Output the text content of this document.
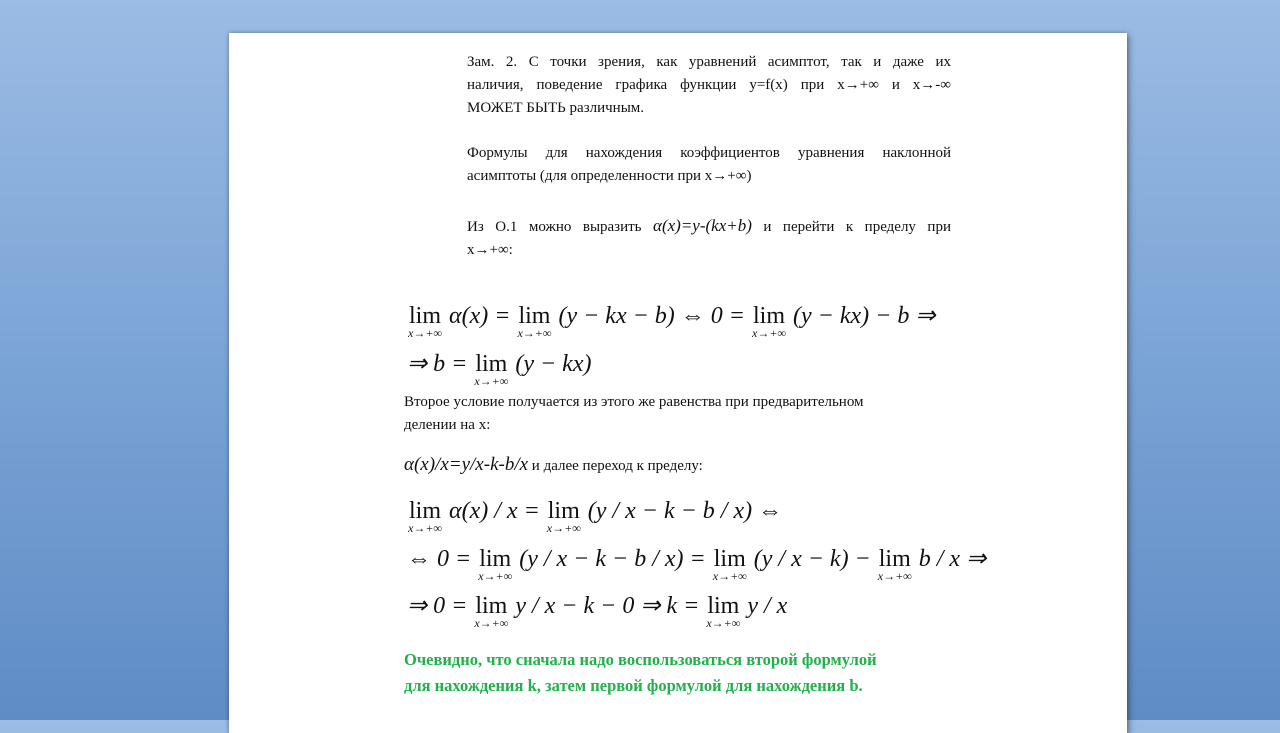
Зам. 2. С точки зрения, как уравнений асимптот, так и даже их
наличия, поведение графика функции y=f(x) при x→+∞ и x→-∞
МОЖЕТ БЫТЬ различным.
Формулы для нахождения коэффициентов уравнения наклонной
асимптоты (для определенности при x→+∞)
Из О.1 можно выразить α(x)=y-(kx+b) и перейти к пределу при
x→+∞:
lim
x→+∞
α(x) = lim
x→+∞
(y − kx − b) ⇔ 0 = lim
x→+∞
(y − kx) − b ⇒
⇒ b = lim
x→+∞
(y − kx)
Второе условие получается из этого же равенства при предварительном
делении на x:
α(x)/x=y/x-k-b/x и далее переход к пределу:
lim
x→+∞
α(x) / x = lim
x→+∞
(y / x − k − b / x) ⇔
⇔ 0 = lim
x→+∞
(y / x − k − b / x) = lim
x→+∞
(y / x − k) − lim
x→+∞
b / x ⇒
⇒ 0 = lim
x→+∞
y / x − k − 0 ⇒ k = lim
x→+∞
y / x
Очевидно, что сначала надо воспользоваться второй формулой
для нахождения k, затем первой формулой для нахождения b.
